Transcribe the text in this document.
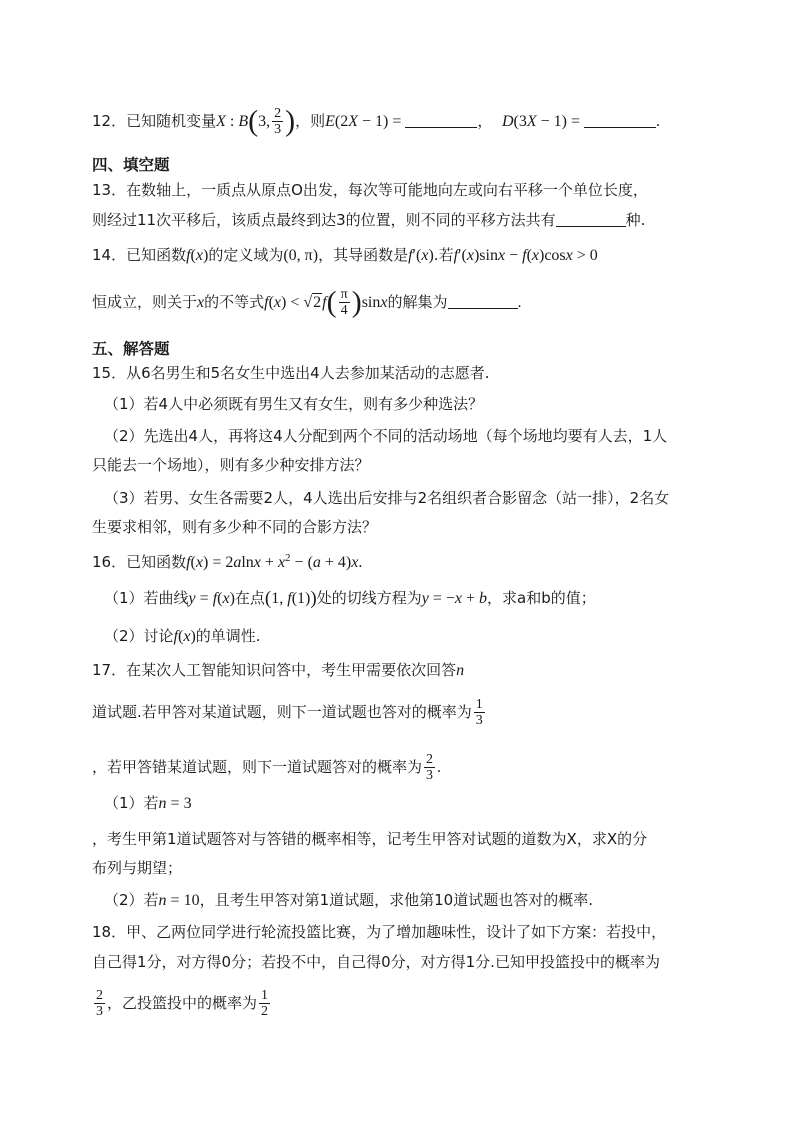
12．已知随机变量X : B(3, $\frac{2}{3}$ )，则E(2X − 1) =	， D(3X − 1) =	.
四、填空题
13．在数轴上，一质点从原点O出发，每次等可能地向左或向右平移一个单位长度，
则经过11次平移后，该质点最终到达3的位置，则不同的平移方法共有	种.
14．已知函数f(x)的定义域为(0, π)，其导函数是f′(x).若f′(x)sinx − f(x)cosx > 0
恒成立，则关于x的不等式$f(x) < √2f( \frac{\pi}{4} )\sin x$的解集为	.
五、解答题
15．从6名男生和5名女生中选出4人去参加某活动的志愿者.
（1）若4人中必须既有男生又有女生，则有多少种选法？
（2）先选出4人，再将这4人分配到两个不同的活动场地（每个场地均要有人去，1人
只能去一个场地），则有多少种安排方法？
（3）若男、女生各需要2人，4人选出后安排与2名组织者合影留念（站一排），2名女
生要求相邻，则有多少种不同的合影方法？
16．已知函数$f(x) = 2alnx + x^2 - (a + 4)x$.
（1）若曲线y = f(x)在点(1, f(1))处的切线方程为y = −x + b，求a和b的值；
（2）讨论f(x)的单调性.
17．在某次人工智能知识问答中，考生甲需要依次回答n
道试题.若甲答对某道试题，则下一道试题也答对的概率为 $\frac{1}{3}$
，若甲答错某道试题，则下一道试题答对的概率为 $\frac{2}{3}$ .
（1）若n = 3
，考生甲第1道试题答对与答错的概率相等，记考生甲答对试题的道数为X，求X的分
布列与期望；
（2）若n = 10，且考生甲答对第1道试题，求他第10道试题也答对的概率.
18．甲、乙两位同学进行轮流投篮比赛，为了增加趣味性，设计了如下方案：若投中，
自己得1分，对方得0分；若投不中，自己得0分，对方得1分.已知甲投篮投中的概率为
$\frac{2}{3}$ ，乙投篮投中的概率为 $\frac{1}{2}$
